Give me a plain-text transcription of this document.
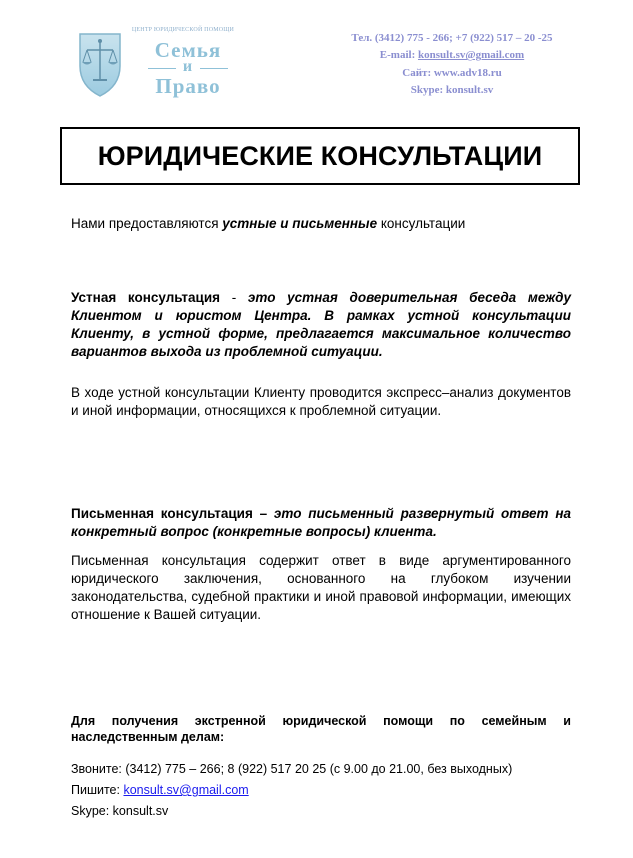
ЦЕНТР ЮРИДИЧЕСКОЙ ПОМОЩИ
Семья
и
Право
Тел. (3412) 775 - 266; +7 (922) 517 – 20 -25
E-mail: konsult.sv@gmail.com
Сайт: www.adv18.ru
Skype: konsult.sv
ЮРИДИЧЕСКИЕ КОНСУЛЬТАЦИИ
Нами предоставляются устные и письменные консультации
Устная консультация - это устная доверительная беседа между Клиентом и юристом Центра. В рамках устной консультации Клиенту, в устной форме, предлагается максимальное количество вариантов выхода из проблемной ситуации.
В ходе устной консультации Клиенту проводится экспресс–анализ документов и иной информации, относящихся к проблемной ситуации.
Письменная консультация – это письменный развернутый ответ на конкретный вопрос (конкретные вопросы) клиента.
Письменная консультация содержит ответ в виде аргументированного юридического заключения, основанного на глубоком изучении законодательства, судебной практики и иной правовой информации, имеющих отношение к Вашей ситуации.
Для получения экстренной юридической помощи по семейным и наследственным делам:
Звоните: (3412) 775 – 266; 8 (922) 517 20 25 (с 9.00 до 21.00, без выходных)
Пишите: konsult.sv@gmail.com
Skype: konsult.sv
